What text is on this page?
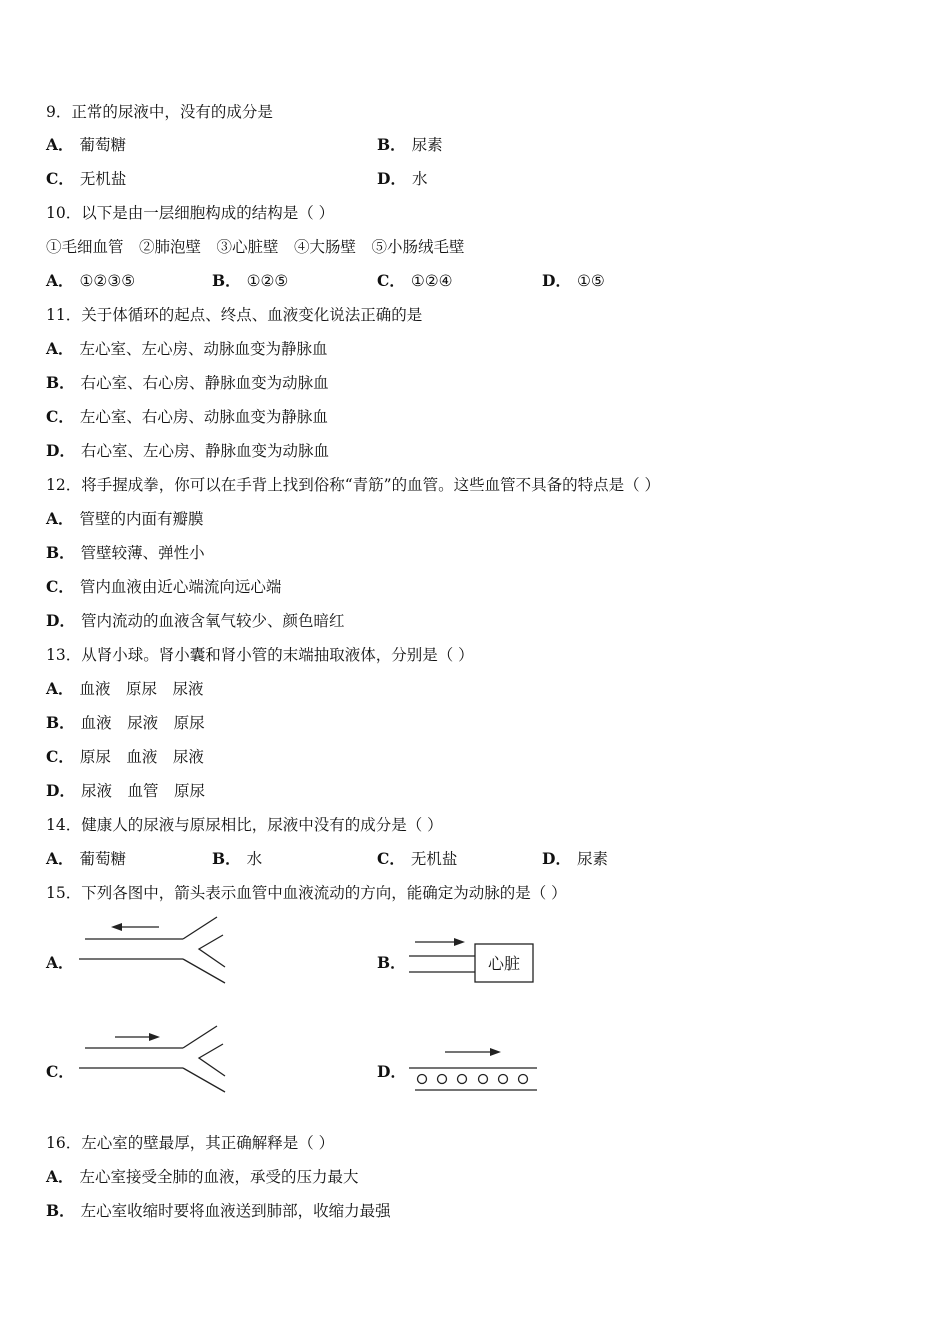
9．正常的尿液中，没有的成分是
A． 葡萄糖	B． 尿素
C． 无机盐	D． 水
10．以下是由一层细胞构成的结构是（ ）
①毛细血管　②肺泡壁　③心脏壁　④大肠壁　⑤小肠绒毛壁
A． ①②③⑤	B． ①②⑤	C． ①②④	D． ①⑤
11．关于体循环的起点、终点、血液变化说法正确的是
A． 左心室、左心房、动脉血变为静脉血
B． 右心室、右心房、静脉血变为动脉血
C． 左心室、右心房、动脉血变为静脉血
D． 右心室、左心房、静脉血变为动脉血
12．将手握成拳，你可以在手背上找到俗称“青筋”的血管。这些血管不具备的特点是（ ）
A． 管壁的内面有瓣膜
B． 管壁较薄、弹性小
C． 管内血液由近心端流向远心端
D． 管内流动的血液含氧气较少、颜色暗红
13．从肾小球。肾小囊和肾小管的末端抽取液体，分别是（ ）
A． 血液　原尿　尿液
B． 血液　尿液　原尿
C． 原尿　血液　尿液
D． 尿液　血管　原尿
14．健康人的尿液与原尿相比，尿液中没有的成分是（ ）
A． 葡萄糖	B． 水	C． 无机盐	D． 尿素
15．下列各图中，箭头表示血管中血液流动的方向，能确定为动脉的是（ ）
A．	B．	心脏
C．	D．
16．左心室的壁最厚，其正确解释是（ ）
A． 左心室接受全肺的血液，承受的压力最大
B． 左心室收缩时要将血液送到肺部，收缩力最强
